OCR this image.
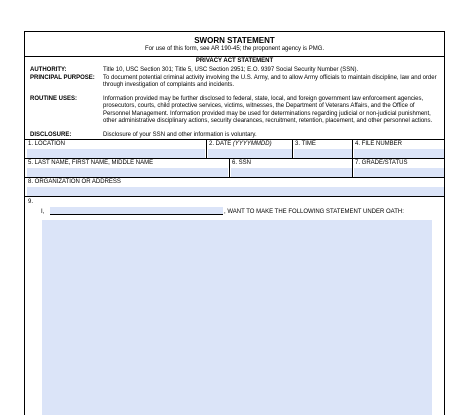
SWORN STATEMENT
For use of this form, see AR 190-45; the proponent agency is PMG.
PRIVACY ACT STATEMENT
AUTHORITY:	Title 10, USC Section 301; Title 5, USC Section 2951; E.O. 9397 Social Security Number (SSN).
PRINCIPAL PURPOSE: To document potential criminal activity involving the U.S. Army, and to allow Army officials to maintain discipline, law and order through investigation of complaints and incidents.
ROUTINE USES:	Information provided may be further disclosed to federal, state, local, and foreign government law enforcement agencies, prosecutors, courts, child protective services, victims, witnesses, the Department of Veterans Affairs, and the Office of Personnel Management. Information provided may be used for determinations regarding judicial or non-judicial punishment, other administrative disciplinary actions, security clearances, recruitment, retention, placement, and other personnel actions.
DISCLOSURE:	Disclosure of your SSN and other information is voluntary.
1. LOCATION	2. DATE (YYYYMMDD)	3. TIME	4. FILE NUMBER
5. LAST NAME, FIRST NAME, MIDDLE NAME	6. SSN	7. GRADE/STATUS
8. ORGANIZATION OR ADDRESS
9.
I,	, WANT TO MAKE THE FOLLOWING STATEMENT UNDER OATH:
